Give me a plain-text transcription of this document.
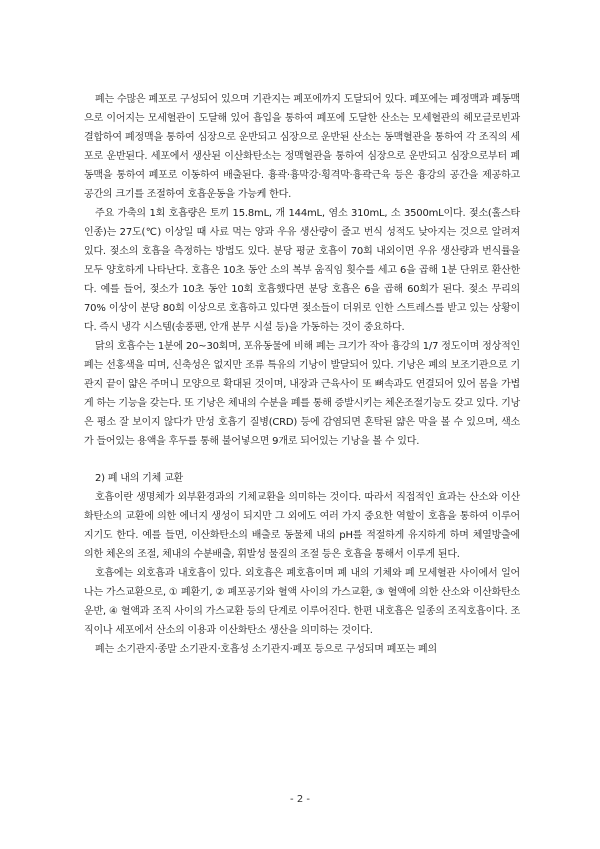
폐는 수많은 폐포로 구성되어 있으며 기관지는 폐포에까지 도달되어 있다. 폐포에는 폐정맥과 폐동맥으로 이어지는 모세혈관이 도달해 있어 흡입을 통하여 폐포에 도달한 산소는 모세혈관의 헤모글로빈과 결합하여 폐정맥을 통하여 심장으로 운반되고 심장으로 운반된 산소는 동맥혈관을 통하여 각 조직의 세포로 운반된다. 세포에서 생산된 이산화탄소는 정맥혈관을 통하여 심장으로 운반되고 심장으로부터 폐동맥을 통하여 폐포로 이동하여 배출된다. 흉곽·흉막강·횡격막·흉곽근육 등은 흉강의 공간을 제공하고 공간의 크기를 조절하여 호흡운동을 가능케 한다.

주요 가축의 1회 호흡량은 토끼 15.8mL, 개 144mL, 염소 310mL, 소 3500mL이다. 젖소(홀스타인종)는 27도(℃) 이상일 때 사료 먹는 양과 우유 생산량이 줄고 번식 성적도 낮아지는 것으로 알려져 있다. 젖소의 호흡을 측정하는 방법도 있다. 분당 평균 호흡이 70회 내외이면 우유 생산량과 번식률을 모두 양호하게 나타난다. 호흡은 10초 동안 소의 복부 움직임 횟수를 세고 6을 곱해 1분 단위로 환산한다. 예를 들어, 젖소가 10초 동안 10회 호흡했다면 분당 호흡은 6을 곱해 60회가 된다. 젖소 무리의 70% 이상이 분당 80회 이상으로 호흡하고 있다면 젖소들이 더위로 인한 스트레스를 받고 있는 상황이다. 즉시 냉각 시스템(송풍팬, 안개 분무 시설 등)을 가동하는 것이 중요하다.

닭의 호흡수는 1분에 20~30회며, 포유동물에 비해 폐는 크기가 작아 흉강의 1/7 정도이며 정상적인 폐는 선홍색을 띠며, 신축성은 없지만 조류 특유의 기낭이 발달되어 있다. 기낭은 폐의 보조기관으로 기관지 끝이 얇은 주머니 모양으로 확대된 것이며, 내장과 근육사이 또 뼈속과도 연결되어 있어 몸을 가볍게 하는 기능을 갖는다. 또 기낭은 체내의 수분을 폐를 통해 증발시키는 체온조절기능도 갖고 있다. 기낭은 평소 잘 보이지 않다가 만성 호흡기 질병(CRD) 등에 감염되면 혼탁된 얇은 막을 볼 수 있으며, 색소가 들어있는 용액을 후두를 통해 불어넣으면 9개로 되어있는 기낭을 볼 수 있다.

2) 폐 내의 기체 교환

호흡이란 생명체가 외부환경과의 기체교환을 의미하는 것이다. 따라서 직접적인 효과는 산소와 이산화탄소의 교환에 의한 에너지 생성이 되지만 그 외에도 여러 가지 중요한 역할이 호흡을 통하여 이루어지기도 한다. 예를 들면, 이산화탄소의 배출로 동물체 내의 pH를 적절하게 유지하게 하며 체열방출에 의한 체온의 조절, 체내의 수분배출, 휘발성 물질의 조절 등은 호흡을 통해서 이루게 된다.

호흡에는 외호흡과 내호흡이 있다. 외호흡은 폐호흡이며 폐 내의 기체와 폐 모세혈관 사이에서 일어나는 가스교환으로, ① 폐환기, ② 폐포공기와 혈액 사이의 가스교환, ③ 혈액에 의한 산소와 이산화탄소 운반, ④ 혈액과 조직 사이의 가스교환 등의 단계로 이루어진다. 한편 내호흡은 일종의 조직호흡이다. 조직이나 세포에서 산소의 이용과 이산화탄소 생산을 의미하는 것이다.

폐는 소기관지·종말 소기관지·호흡성 소기관지·폐포 등으로 구성되며 폐포는 폐의

- 2 -
